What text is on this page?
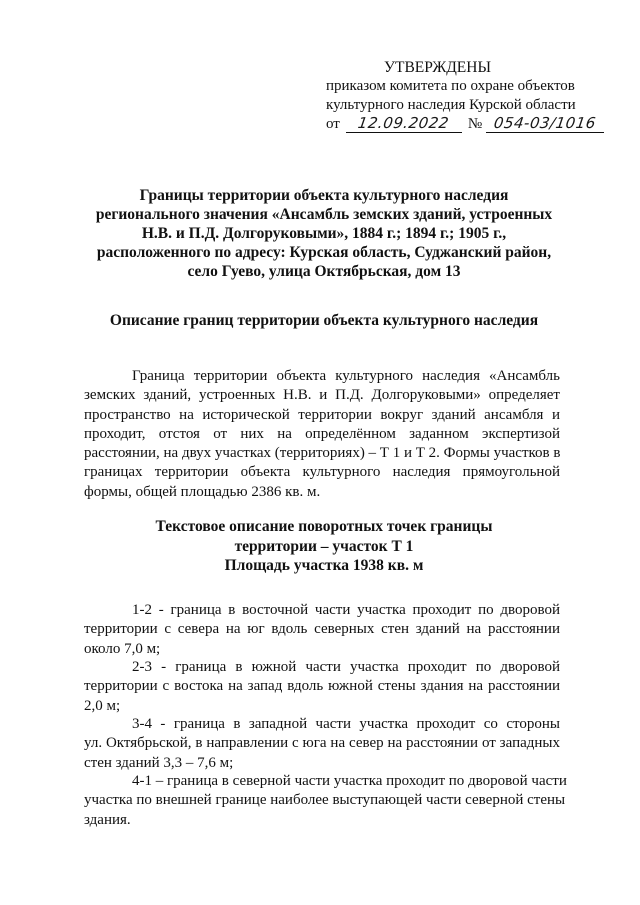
УТВЕРЖДЕНЫ
приказом комитета по охране объектов
культурного наследия Курской области
от	12.09.2022	№ 054-03/1016
Границы территории объекта культурного наследия
регионального значения «Ансамбль земских зданий, устроенных
Н.В. и П.Д. Долгоруковыми», 1884 г.; 1894 г.; 1905 г.,
расположенного по адресу: Курская область, Суджанский район,
село Гуево, улица Октябрьская, дом 13
Описание границ территории объекта культурного наследия
Граница территории объекта культурного наследия «Ансамбль
земских зданий, устроенных Н.В. и П.Д. Долгоруковыми» определяет
пространство на исторической территории вокруг зданий ансамбля и
проходит, отстоя от них на определённом заданном экспертизой
расстоянии, на двух участках (территориях) – Т 1 и Т 2. Формы участков в
границах территории объекта культурного наследия прямоугольной
формы, общей площадью 2386 кв. м.
Текстовое описание поворотных точек границы
территории – участок Т 1
Площадь участка 1938 кв. м
1-2 - граница в восточной части участка проходит по дворовой
территории с севера на юг вдоль северных стен зданий на расстоянии
около 7,0 м;
2-3 - граница в южной части участка проходит по дворовой
территории с востока на запад вдоль южной стены здания на расстоянии
2,0 м;
3-4 - граница в западной части участка проходит со стороны
ул. Октябрьской, в направлении с юга на север на расстоянии от западных
стен зданий 3,3 – 7,6 м;
4-1 – граница в северной части участка проходит по дворовой части
участка по внешней границе наиболее выступающей части северной стены
здания.
